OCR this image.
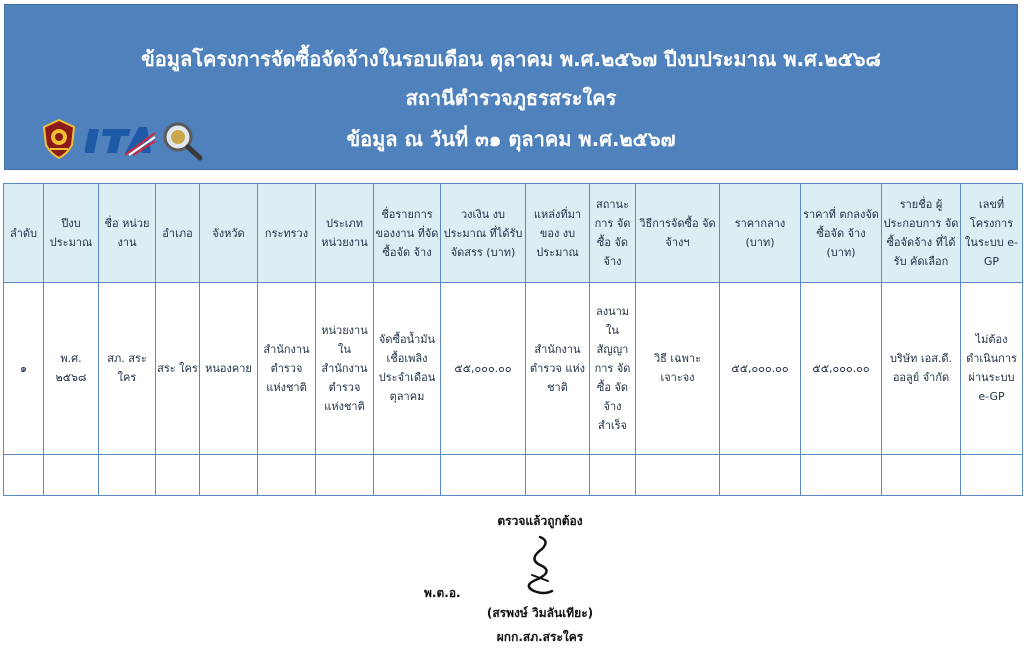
ข้อมูลโครงการจัดซื้อจัดจ้างในรอบเดือน ตุลาคม พ.ศ.๒๕๖๗ ปีงบประมาณ พ.ศ.๒๕๖๘
สถานีตำรวจภูธรสระใคร
ข้อมูล ณ วันที่ ๓๑ ตุลาคม พ.ศ.๒๕๖๗
ลำดับ	ปีงบ ประมาณ	ชื่อ หน่วยงาน	อำเภอ	จังหวัด	กระทรวง	ประเภท หน่วยงาน	ชื่อรายการ ของงาน ที่จัดซื้อจัด จ้าง	วงเงิน งบประมาณ ที่ได้รับจัดสรร (บาท)	แหล่งที่มา ของ งบประมาณ	สถานะ การ จัดซื้อ จัดจ้าง	วิธีการจัดซื้อ จัดจ้างฯ	ราคากลาง (บาท)	ราคาที่ ตกลงจัดซื้อจัด จ้าง (บาท)	รายชื่อ ผู้ประกอบการ จัดซื้อจัดจ้าง ที่ได้รับ คัดเลือก	เลขที่ โครงการ ในระบบ e-GP
๑	พ.ศ. ๒๕๖๘	สภ. สระใคร	สระ ใคร	หนองคาย	สำนักงาน ตำรวจ แห่งชาติ	หน่วยงาน ใน สำนักงาน ตำรวจ แห่งชาติ	จัดซื้อน้ำมัน เชื้อเพลิง ประจำเดือน ตุลาคม	๕๕,๐๐๐.๐๐	สำนักงาน ตำรวจ แห่งชาติ	ลงนาม ใน สัญญา การ จัดซื้อ จัดจ้าง สำเร็จ	วิธี เฉพาะเจาะจง	๕๕,๐๐๐.๐๐	๕๕,๐๐๐.๐๐	บริษัท เอส.ดี. ออลูย์ จำกัด	ไม่ต้อง ดำเนินการ ผ่านระบบ e-GP

ตรวจแล้วถูกต้อง
พ.ต.อ.
(สรพงษ์ วิมลันเทียะ)
ผกก.สภ.สระใคร
